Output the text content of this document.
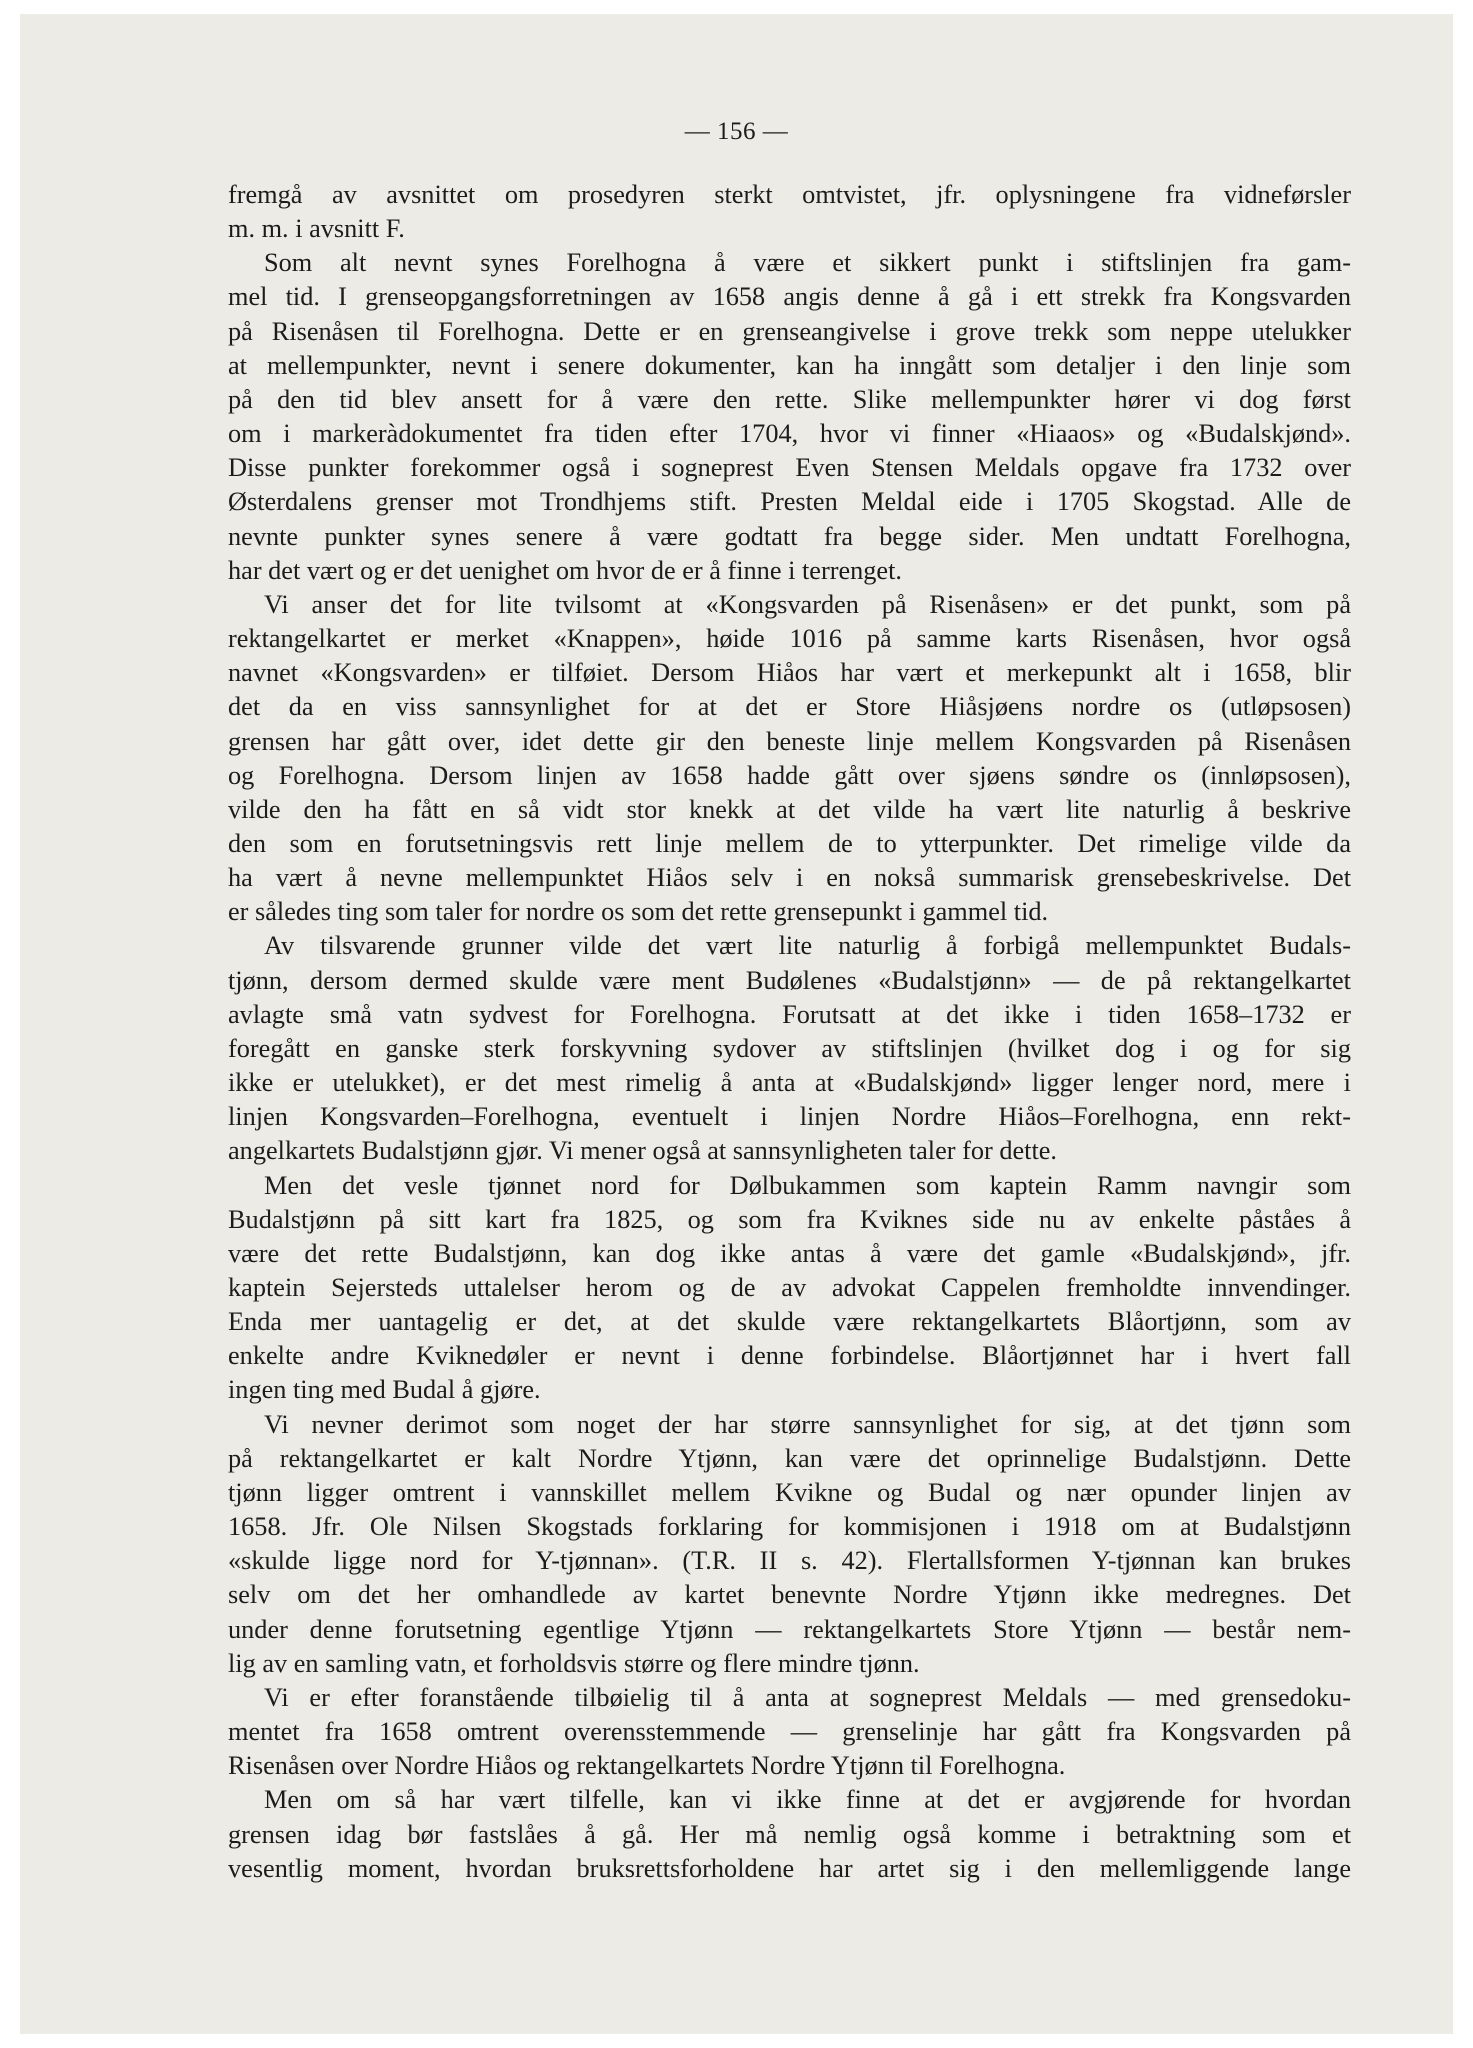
— 156 —

fremgå av avsnittet om prosedyren sterkt omtvistet, jfr. oplysningene fra vidneførsler

m. m. i avsnitt F.

Som alt nevnt synes Forelhogna å være et sikkert punkt i stiftslinjen fra gam-

mel tid. I grenseopgangsforretningen av 1658 angis denne å gå i ett strekk fra Kongsvarden

på Risenåsen til Forelhogna. Dette er en grenseangivelse i grove trekk som neppe utelukker

at mellempunkter, nevnt i senere dokumenter, kan ha inngått som detaljer i den linje som

på den tid blev ansett for å være den rette. Slike mellempunkter hører vi dog først

om i markeràdokumentet fra tiden efter 1704, hvor vi finner «Hiaaos» og «Budalskjønd».

Disse punkter forekommer også i sogneprest Even Stensen Meldals opgave fra 1732 over

Østerdalens grenser mot Trondhjems stift. Presten Meldal eide i 1705 Skogstad. Alle de

nevnte punkter synes senere å være godtatt fra begge sider. Men undtatt Forelhogna,

har det vært og er det uenighet om hvor de er å finne i terrenget.

Vi anser det for lite tvilsomt at «Kongsvarden på Risenåsen» er det punkt, som på

rektangelkartet er merket «Knappen», høide 1016 på samme karts Risenåsen, hvor også

navnet «Kongsvarden» er tilføiet. Dersom Hiåos har vært et merkepunkt alt i 1658, blir

det da en viss sannsynlighet for at det er Store Hiåsjøens nordre os (utløpsosen)

grensen har gått over, idet dette gir den beneste linje mellem Kongsvarden på Risenåsen

og Forelhogna. Dersom linjen av 1658 hadde gått over sjøens søndre os (innløpsosen),

vilde den ha fått en så vidt stor knekk at det vilde ha vært lite naturlig å beskrive

den som en forutsetningsvis rett linje mellem de to ytterpunkter. Det rimelige vilde da

ha vært å nevne mellempunktet Hiåos selv i en nokså summarisk grensebeskrivelse. Det

er således ting som taler for nordre os som det rette grensepunkt i gammel tid.

Av tilsvarende grunner vilde det vært lite naturlig å forbigå mellempunktet Budals-

tjønn, dersom dermed skulde være ment Budølenes «Budalstjønn» — de på rektangelkartet

avlagte små vatn sydvest for Forelhogna. Forutsatt at det ikke i tiden 1658–1732 er

foregått en ganske sterk forskyvning sydover av stiftslinjen (hvilket dog i og for sig

ikke er utelukket), er det mest rimelig å anta at «Budalskjønd» ligger lenger nord, mere i

linjen Kongsvarden–Forelhogna, eventuelt i linjen Nordre Hiåos–Forelhogna, enn rekt-

angelkartets Budalstjønn gjør. Vi mener også at sannsynligheten taler for dette.

Men det vesle tjønnet nord for Dølbukammen som kaptein Ramm navngir som

Budalstjønn på sitt kart fra 1825, og som fra Kviknes side nu av enkelte påståes å

være det rette Budalstjønn, kan dog ikke antas å være det gamle «Budalskjønd», jfr.

kaptein Sejersteds uttalelser herom og de av advokat Cappelen fremholdte innvendinger.

Enda mer uantagelig er det, at det skulde være rektangelkartets Blåortjønn, som av

enkelte andre Kviknedøler er nevnt i denne forbindelse. Blåortjønnet har i hvert fall

ingen ting med Budal å gjøre.

Vi nevner derimot som noget der har større sannsynlighet for sig, at det tjønn som

på rektangelkartet er kalt Nordre Ytjønn, kan være det oprinnelige Budalstjønn. Dette

tjønn ligger omtrent i vannskillet mellem Kvikne og Budal og nær opunder linjen av

1658. Jfr. Ole Nilsen Skogstads forklaring for kommisjonen i 1918 om at Budalstjønn

«skulde ligge nord for Y-tjønnan». (T.R. II s. 42). Flertallsformen Y-tjønnan kan brukes

selv om det her omhandlede av kartet benevnte Nordre Ytjønn ikke medregnes. Det

under denne forutsetning egentlige Ytjønn — rektangelkartets Store Ytjønn — består nem-

lig av en samling vatn, et forholdsvis større og flere mindre tjønn.

Vi er efter foranstående tilbøielig til å anta at sogneprest Meldals — med grensedoku-

mentet fra 1658 omtrent overensstemmende — grenselinje har gått fra Kongsvarden på

Risenåsen over Nordre Hiåos og rektangelkartets Nordre Ytjønn til Forelhogna.

Men om så har vært tilfelle, kan vi ikke finne at det er avgjørende for hvordan

grensen idag bør fastslåes å gå. Her må nemlig også komme i betraktning som et

vesentlig moment, hvordan bruksrettsforholdene har artet sig i den mellemliggende lange
